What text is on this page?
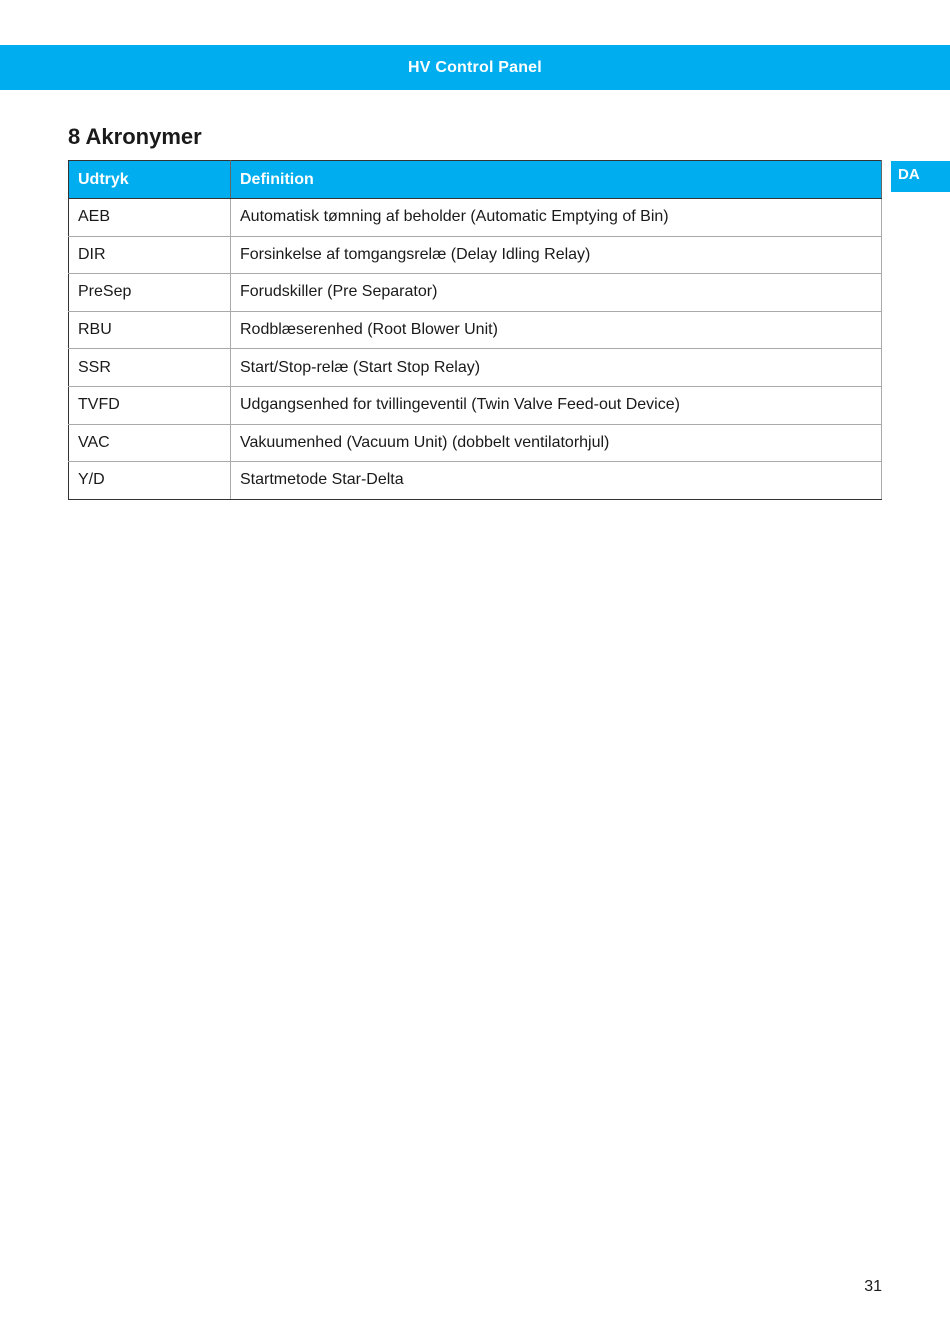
HV Control Panel
8 Akronymer
DA
Udtryk	Definition
AEB	Automatisk tømning af beholder (Automatic Emptying of Bin)
DIR	Forsinkelse af tomgangsrelæ (Delay Idling Relay)
PreSep	Forudskiller (Pre Separator)
RBU	Rodblæserenhed (Root Blower Unit)
SSR	Start/Stop-relæ (Start Stop Relay)
TVFD	Udgangsenhed for tvillingeventil (Twin Valve Feed-out Device)
VAC	Vakuumenhed (Vacuum Unit) (dobbelt ventilatorhjul)
Y/D	Startmetode Star-Delta
31
